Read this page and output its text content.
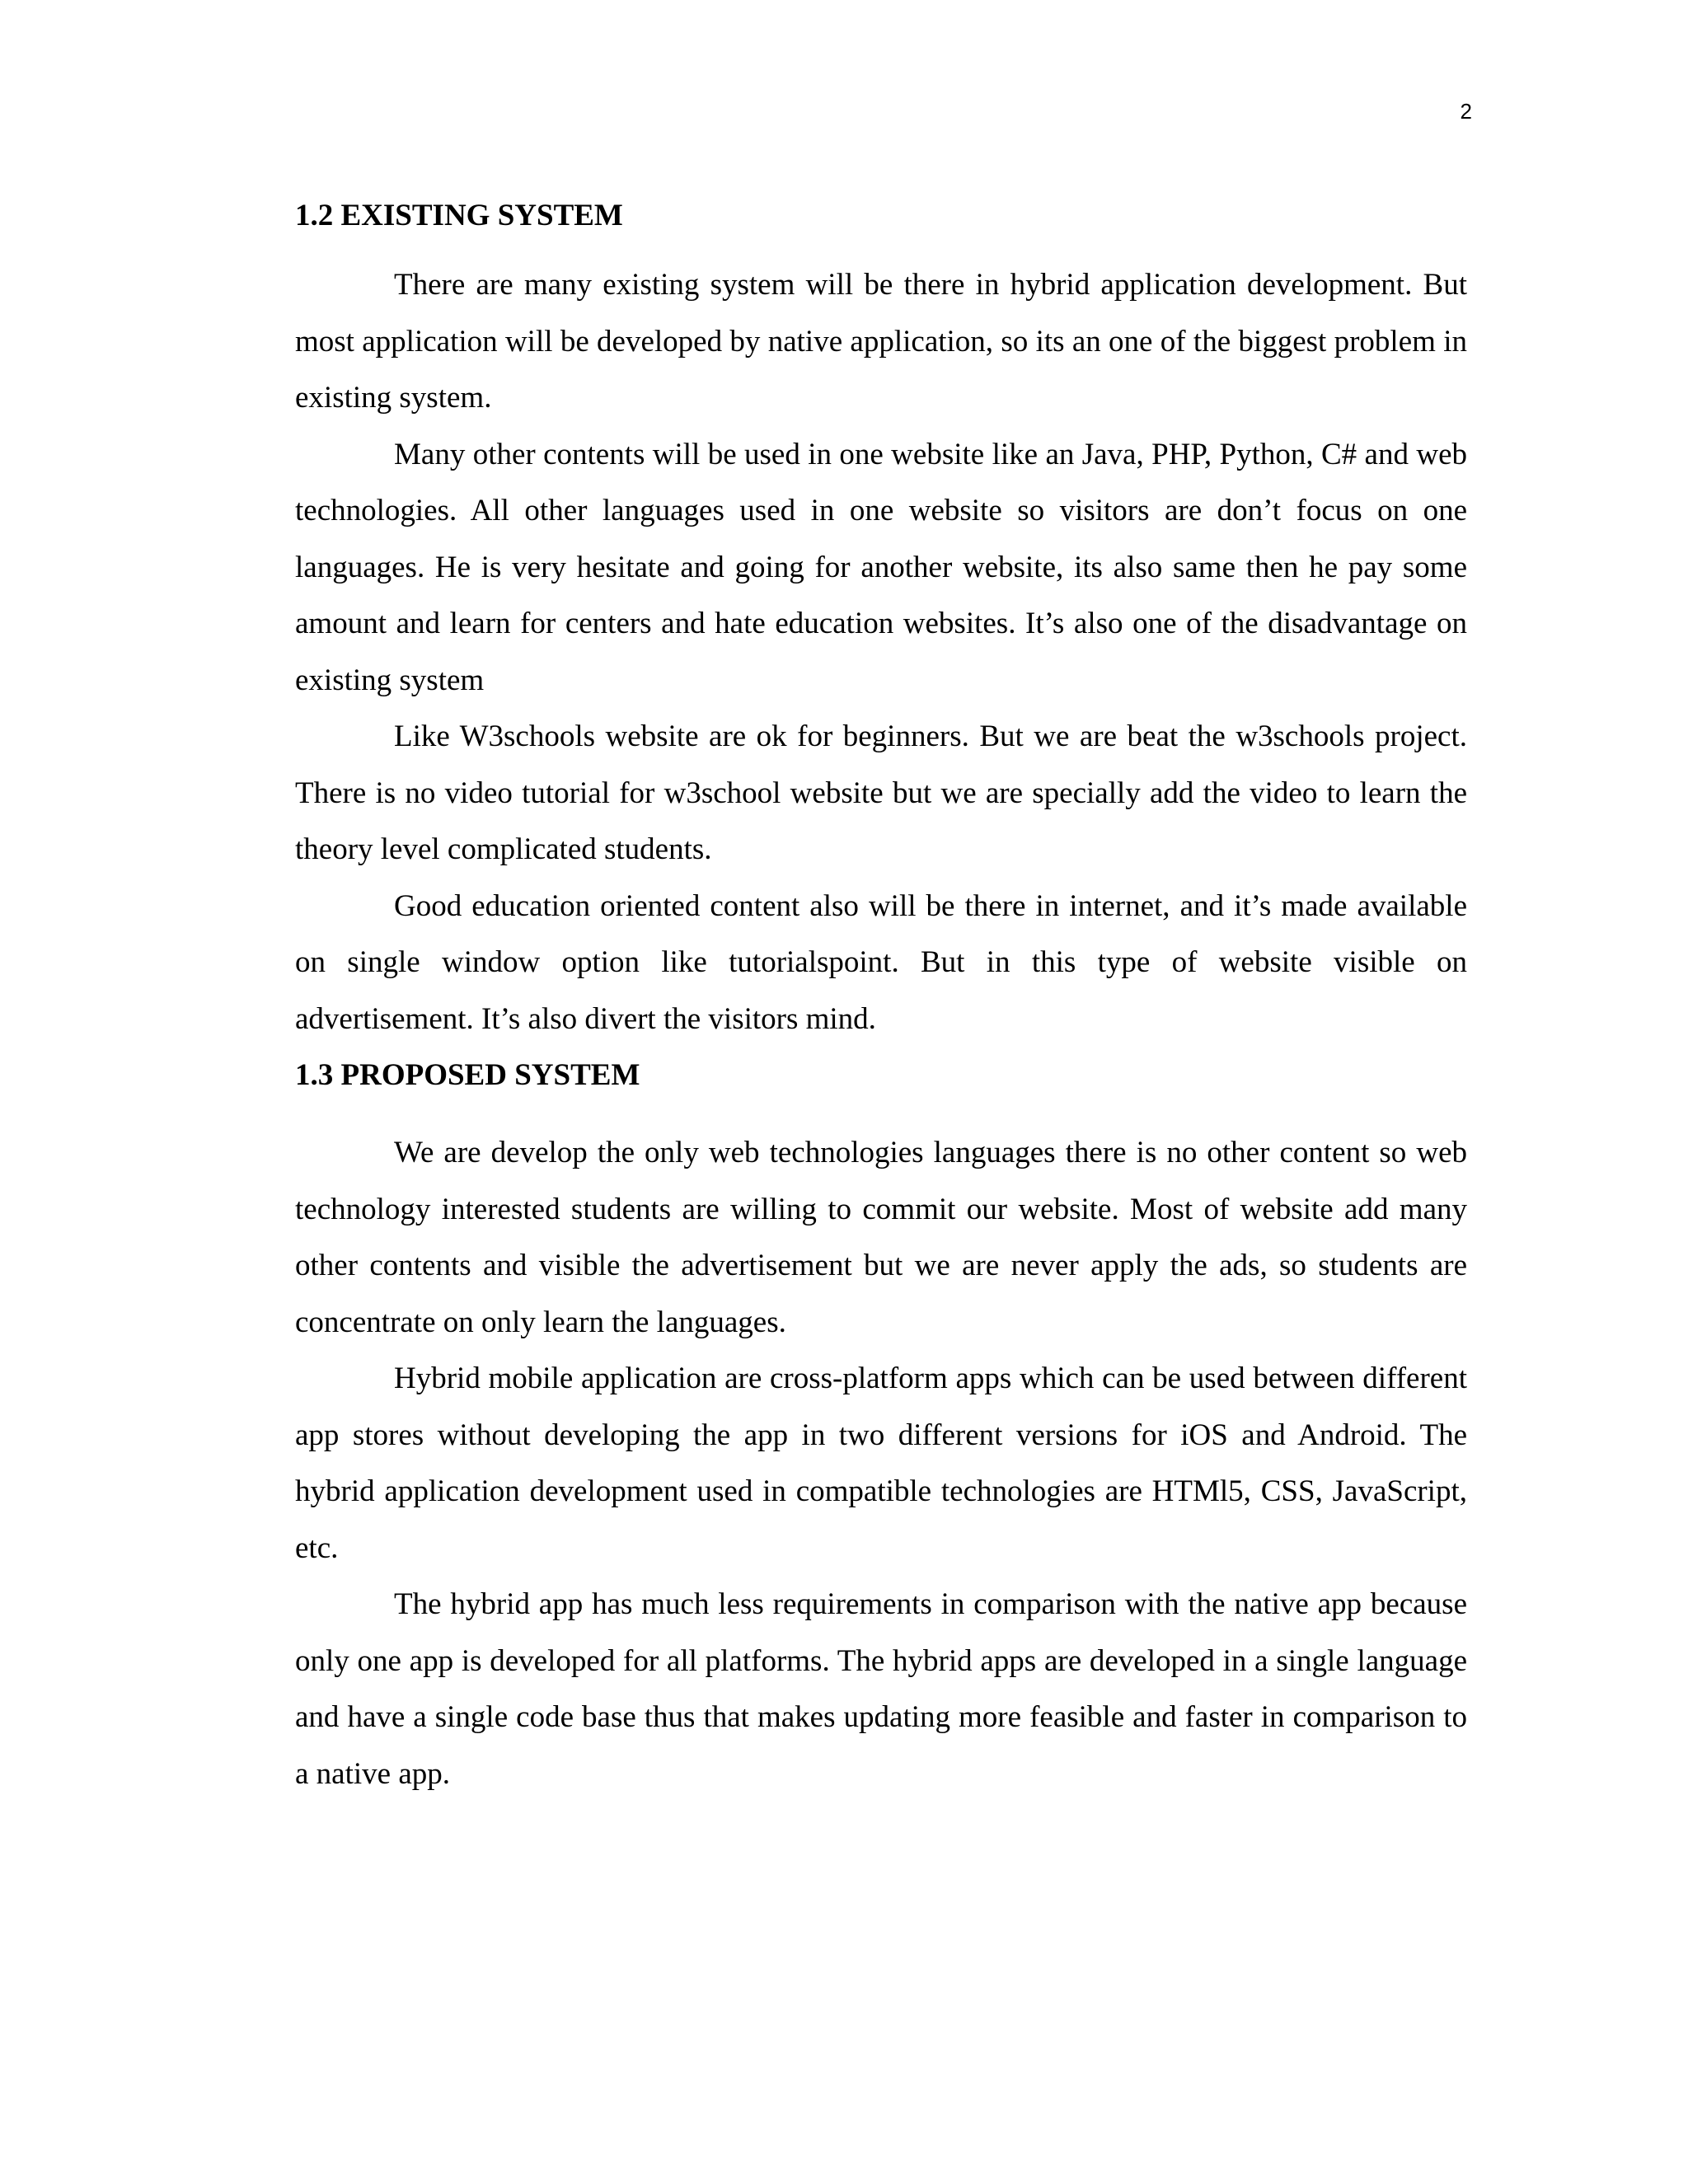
2
1.2 EXISTING SYSTEM

There are many existing system will be there in hybrid application development. But most application will be developed by native application, so its an one of the biggest problem in existing system.

Many other contents will be used in one website like an Java, PHP, Python, C# and web technologies. All other languages used in one website so visitors are don’t focus on one languages. He is very hesitate and going for another website, its also same then he pay some amount and learn for centers and hate education websites. It’s also one of the disadvantage on existing system

Like W3schools website are ok for beginners. But we are beat the w3schools project. There is no video tutorial for w3school website but we are specially add the video to learn the theory level complicated students.

Good education oriented content also will be there in internet, and it’s made available on single window option like tutorialspoint. But in this type of website visible on advertisement. It’s also divert the visitors mind.

1.3 PROPOSED SYSTEM

We are develop the only web technologies languages there is no other content so web technology interested students are willing to commit our website. Most of website add many other contents and visible the advertisement but we are never apply the ads, so students are concentrate on only learn the languages.

Hybrid mobile application are cross-platform apps which can be used between different app stores without developing the app in two different versions for iOS and Android. The hybrid application development used in compatible technologies are HTMl5, CSS, JavaScript, etc.

The hybrid app has much less requirements in comparison with the native app because only one app is developed for all platforms. The hybrid apps are developed in a single language and have a single code base thus that makes updating more feasible and faster in comparison to a native app.
